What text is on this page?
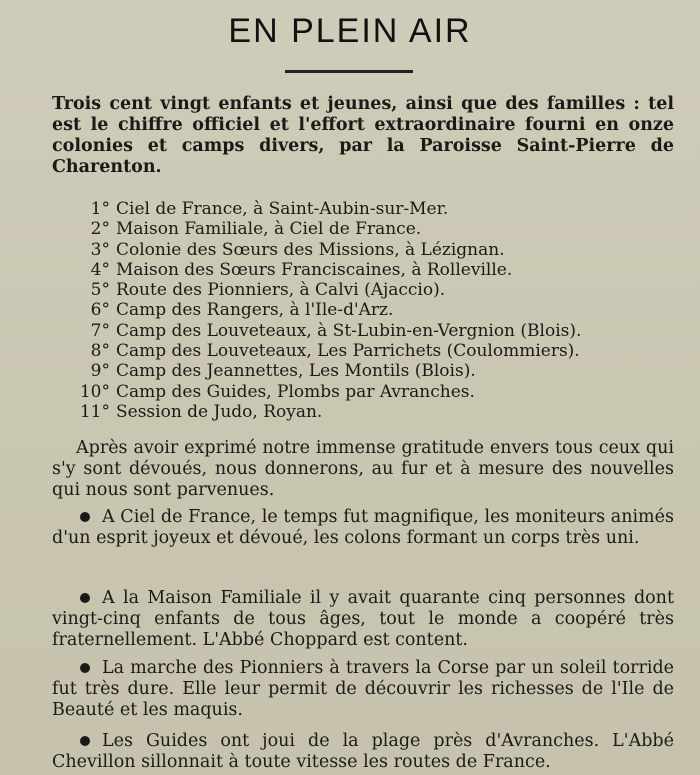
EN PLEIN AIR

Trois cent vingt enfants et jeunes, ainsi que des familles : tel est le chiffre officiel et l'effort extraordinaire fourni en onze colonies et camps divers, par la Paroisse Saint-Pierre de Charenton.

1° Ciel de France, à Saint-Aubin-sur-Mer.
2° Maison Familiale, à Ciel de France.
3° Colonie des Sœurs des Missions, à Lézignan.
4° Maison des Sœurs Franciscaines, à Rolleville.
5° Route des Pionniers, à Calvi (Ajaccio).
6° Camp des Rangers, à l'Ile-d'Arz.
7° Camp des Louveteaux, à St-Lubin-en-Vergnion (Blois).
8° Camp des Louveteaux, Les Parrichets (Coulommiers).
9° Camp des Jeannettes, Les Montils (Blois).
10° Camp des Guides, Plombs par Avranches.
11° Session de Judo, Royan.

Après avoir exprimé notre immense gratitude envers tous ceux qui s'y sont dévoués, nous donnerons, au fur et à mesure des nouvelles qui nous sont parvenues.

A Ciel de France, le temps fut magnifique, les moniteurs animés d'un esprit joyeux et dévoué, les colons formant un corps très uni.

A la Maison Familiale il y avait quarante cinq personnes dont vingt-cinq enfants de tous âges, tout le monde a coopéré très fraternellement. L'Abbé Choppard est content.

La marche des Pionniers à travers la Corse par un soleil torride fut très dure. Elle leur permit de découvrir les richesses de l'Ile de Beauté et les maquis.

Les Guides ont joui de la plage près d'Avranches. L'Abbé Chevillon sillonnait à toute vitesse les routes de France.
